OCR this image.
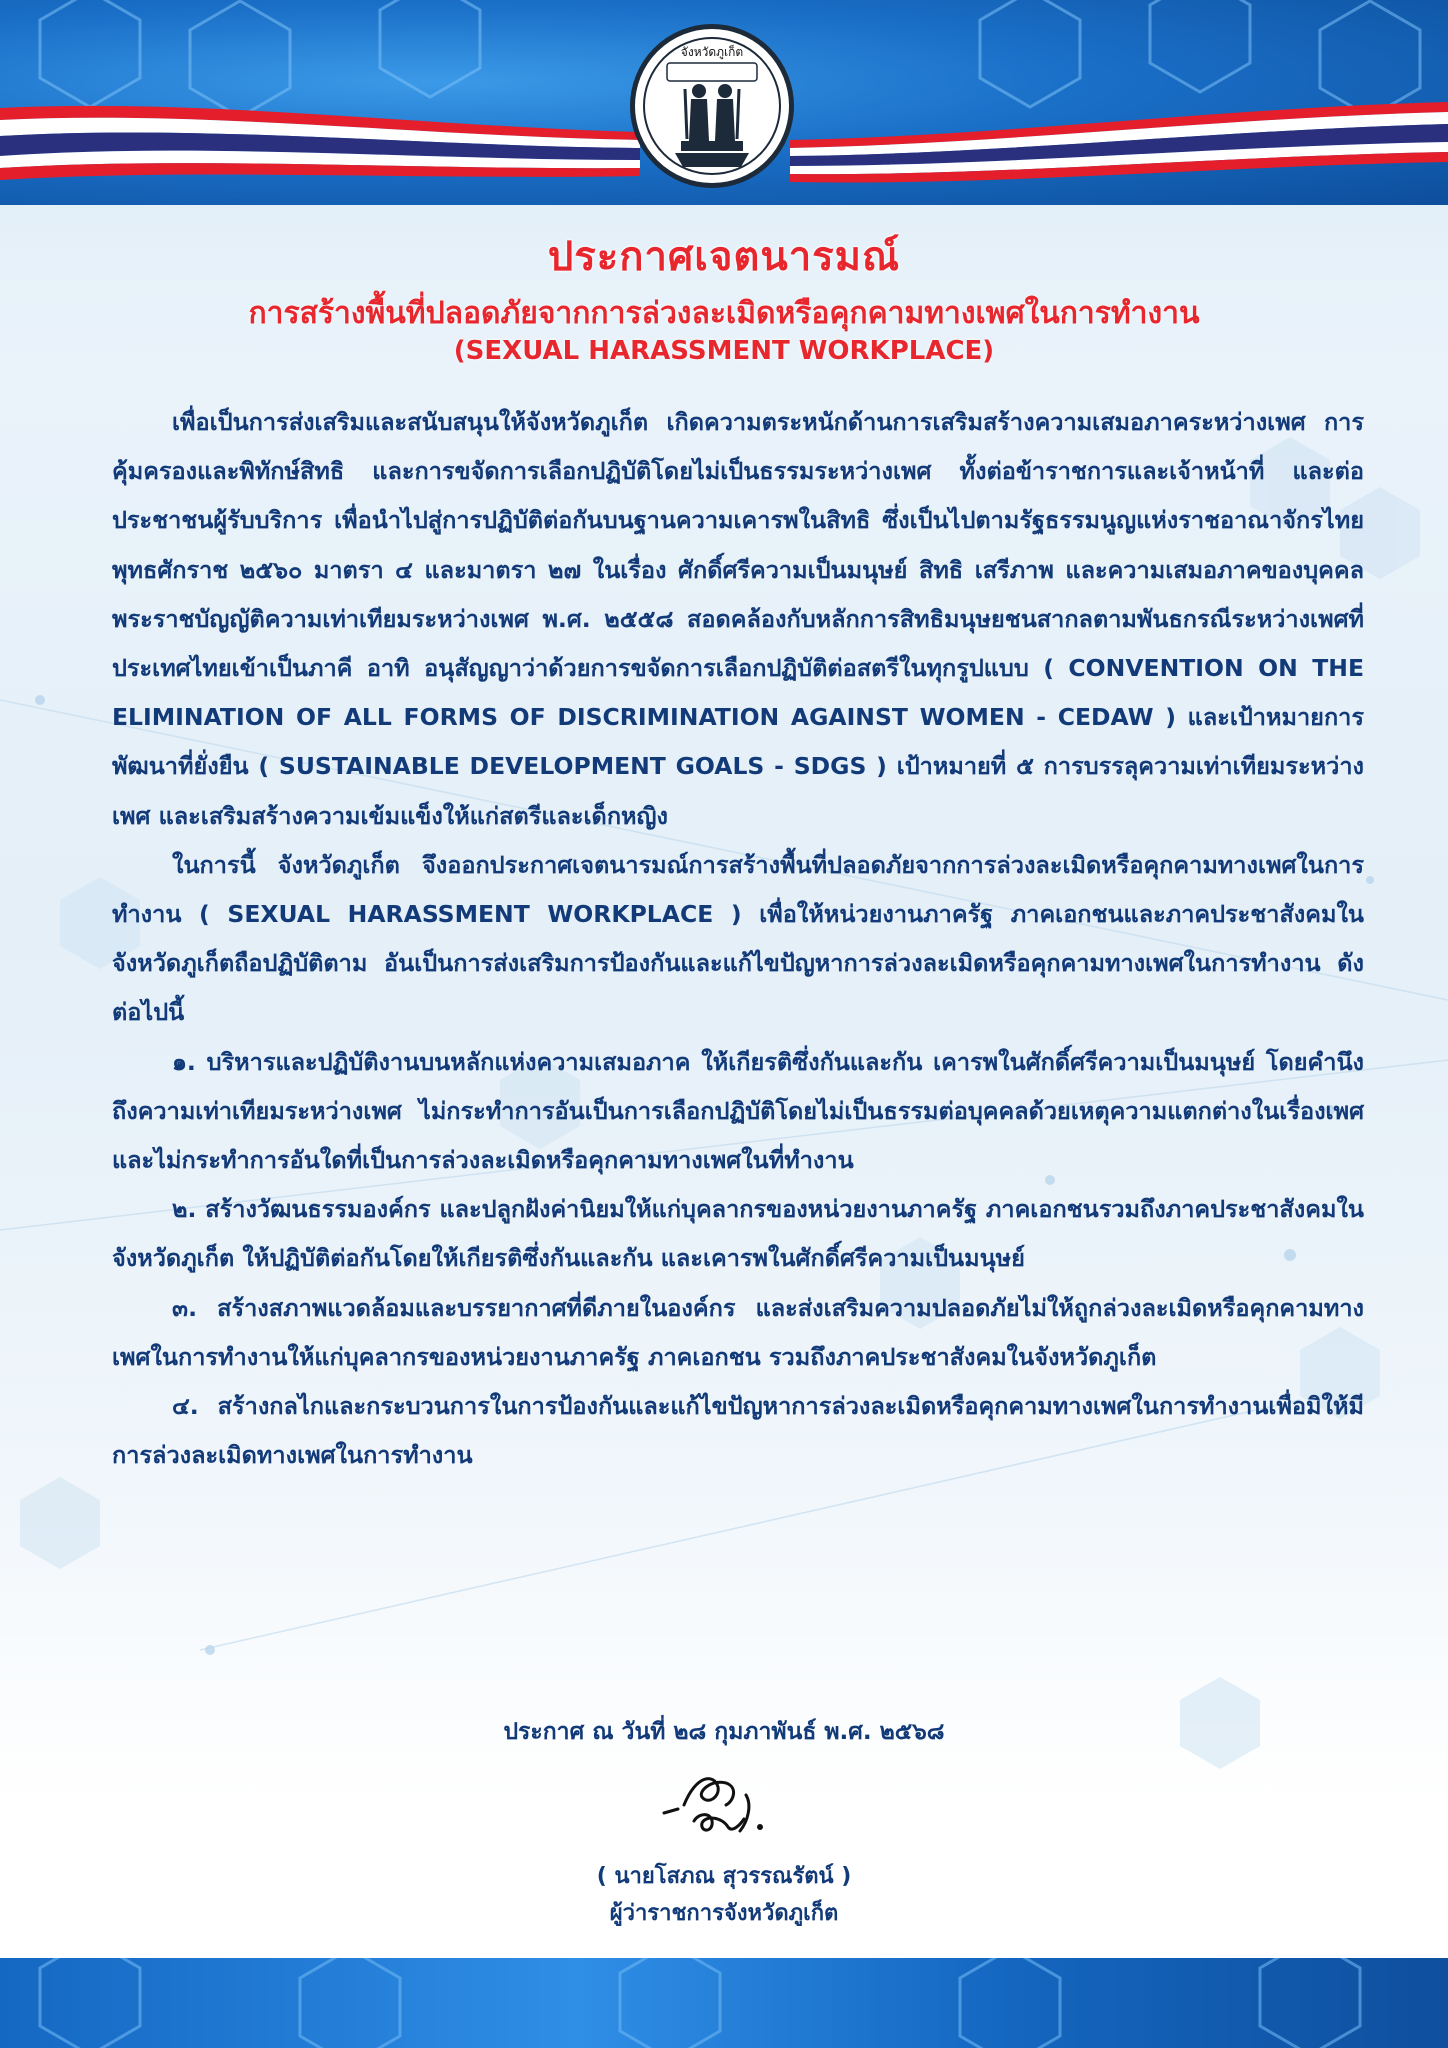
จังหวัดภูเก็ต
ประกาศเจตนารมณ์
การสร้างพื้นที่ปลอดภัยจากการล่วงละเมิดหรือคุกคามทางเพศในการทำงาน
(SEXUAL HARASSMENT WORKPLACE)

เพื่อเป็นการส่งเสริมและสนับสนุนให้จังหวัดภูเก็ต เกิดความตระหนักด้านการเสริมสร้างความเสมอภาคระหว่างเพศ การคุ้มครองและพิทักษ์สิทธิ และการขจัดการเลือกปฏิบัติโดยไม่เป็นธรรมระหว่างเพศ ทั้งต่อข้าราชการและเจ้าหน้าที่ และต่อประชาชนผู้รับบริการ เพื่อนำไปสู่การปฏิบัติต่อกันบนฐานความเคารพในสิทธิ ซึ่งเป็นไปตามรัฐธรรมนูญแห่งราชอาณาจักรไทย พุทธศักราช ๒๕๖๐ มาตรา ๔ และมาตรา ๒๗ ในเรื่อง ศักดิ์ศรีความเป็นมนุษย์ สิทธิ เสรีภาพ และความเสมอภาคของบุคคล พระราชบัญญัติความเท่าเทียมระหว่างเพศ พ.ศ. ๒๕๕๘ สอดคล้องกับหลักการสิทธิมนุษยชนสากลตามพันธกรณีระหว่างเพศที่ประเทศไทยเข้าเป็นภาคี อาทิ อนุสัญญาว่าด้วยการขจัดการเลือกปฏิบัติต่อสตรีในทุกรูปแบบ ( CONVENTION ON THE ELIMINATION OF ALL FORMS OF DISCRIMINATION AGAINST WOMEN - CEDAW ) และเป้าหมายการพัฒนาที่ยั่งยืน ( SUSTAINABLE DEVELOPMENT GOALS - SDGS ) เป้าหมายที่ ๕ การบรรลุความเท่าเทียมระหว่างเพศ และเสริมสร้างความเข้มแข็งให้แก่สตรีและเด็กหญิง

ในการนี้ จังหวัดภูเก็ต จึงออกประกาศเจตนารมณ์การสร้างพื้นที่ปลอดภัยจากการล่วงละเมิดหรือคุกคามทางเพศในการทำงาน ( SEXUAL HARASSMENT WORKPLACE ) เพื่อให้หน่วยงานภาครัฐ ภาคเอกชนและภาคประชาสังคมในจังหวัดภูเก็ตถือปฏิบัติตาม อันเป็นการส่งเสริมการป้องกันและแก้ไขปัญหาการล่วงละเมิดหรือคุกคามทางเพศในการทำงาน ดังต่อไปนี้

๑. บริหารและปฏิบัติงานบนหลักแห่งความเสมอภาค ให้เกียรติซึ่งกันและกัน เคารพในศักดิ์ศรีความเป็นมนุษย์ โดยคำนึงถึงความเท่าเทียมระหว่างเพศ ไม่กระทำการอันเป็นการเลือกปฏิบัติโดยไม่เป็นธรรมต่อบุคคลด้วยเหตุความแตกต่างในเรื่องเพศ และไม่กระทำการอันใดที่เป็นการล่วงละเมิดหรือคุกคามทางเพศในที่ทำงาน

๒. สร้างวัฒนธรรมองค์กร และปลูกฝังค่านิยมให้แก่บุคลากรของหน่วยงานภาครัฐ ภาคเอกชนรวมถึงภาคประชาสังคมในจังหวัดภูเก็ต ให้ปฏิบัติต่อกันโดยให้เกียรติซึ่งกันและกัน และเคารพในศักดิ์ศรีความเป็นมนุษย์

๓. สร้างสภาพแวดล้อมและบรรยากาศที่ดีภายในองค์กร และส่งเสริมความปลอดภัยไม่ให้ถูกล่วงละเมิดหรือคุกคามทางเพศในการทำงานให้แก่บุคลากรของหน่วยงานภาครัฐ ภาคเอกชน รวมถึงภาคประชาสังคมในจังหวัดภูเก็ต

๔. สร้างกลไกและกระบวนการในการป้องกันและแก้ไขปัญหาการล่วงละเมิดหรือคุกคามทางเพศในการทำงานเพื่อมิให้มีการล่วงละเมิดทางเพศในการทำงาน

ประกาศ ณ วันที่ ๒๘ กุมภาพันธ์ พ.ศ. ๒๕๖๘

( นายโสภณ สุวรรณรัตน์ )

ผู้ว่าราชการจังหวัดภูเก็ต
